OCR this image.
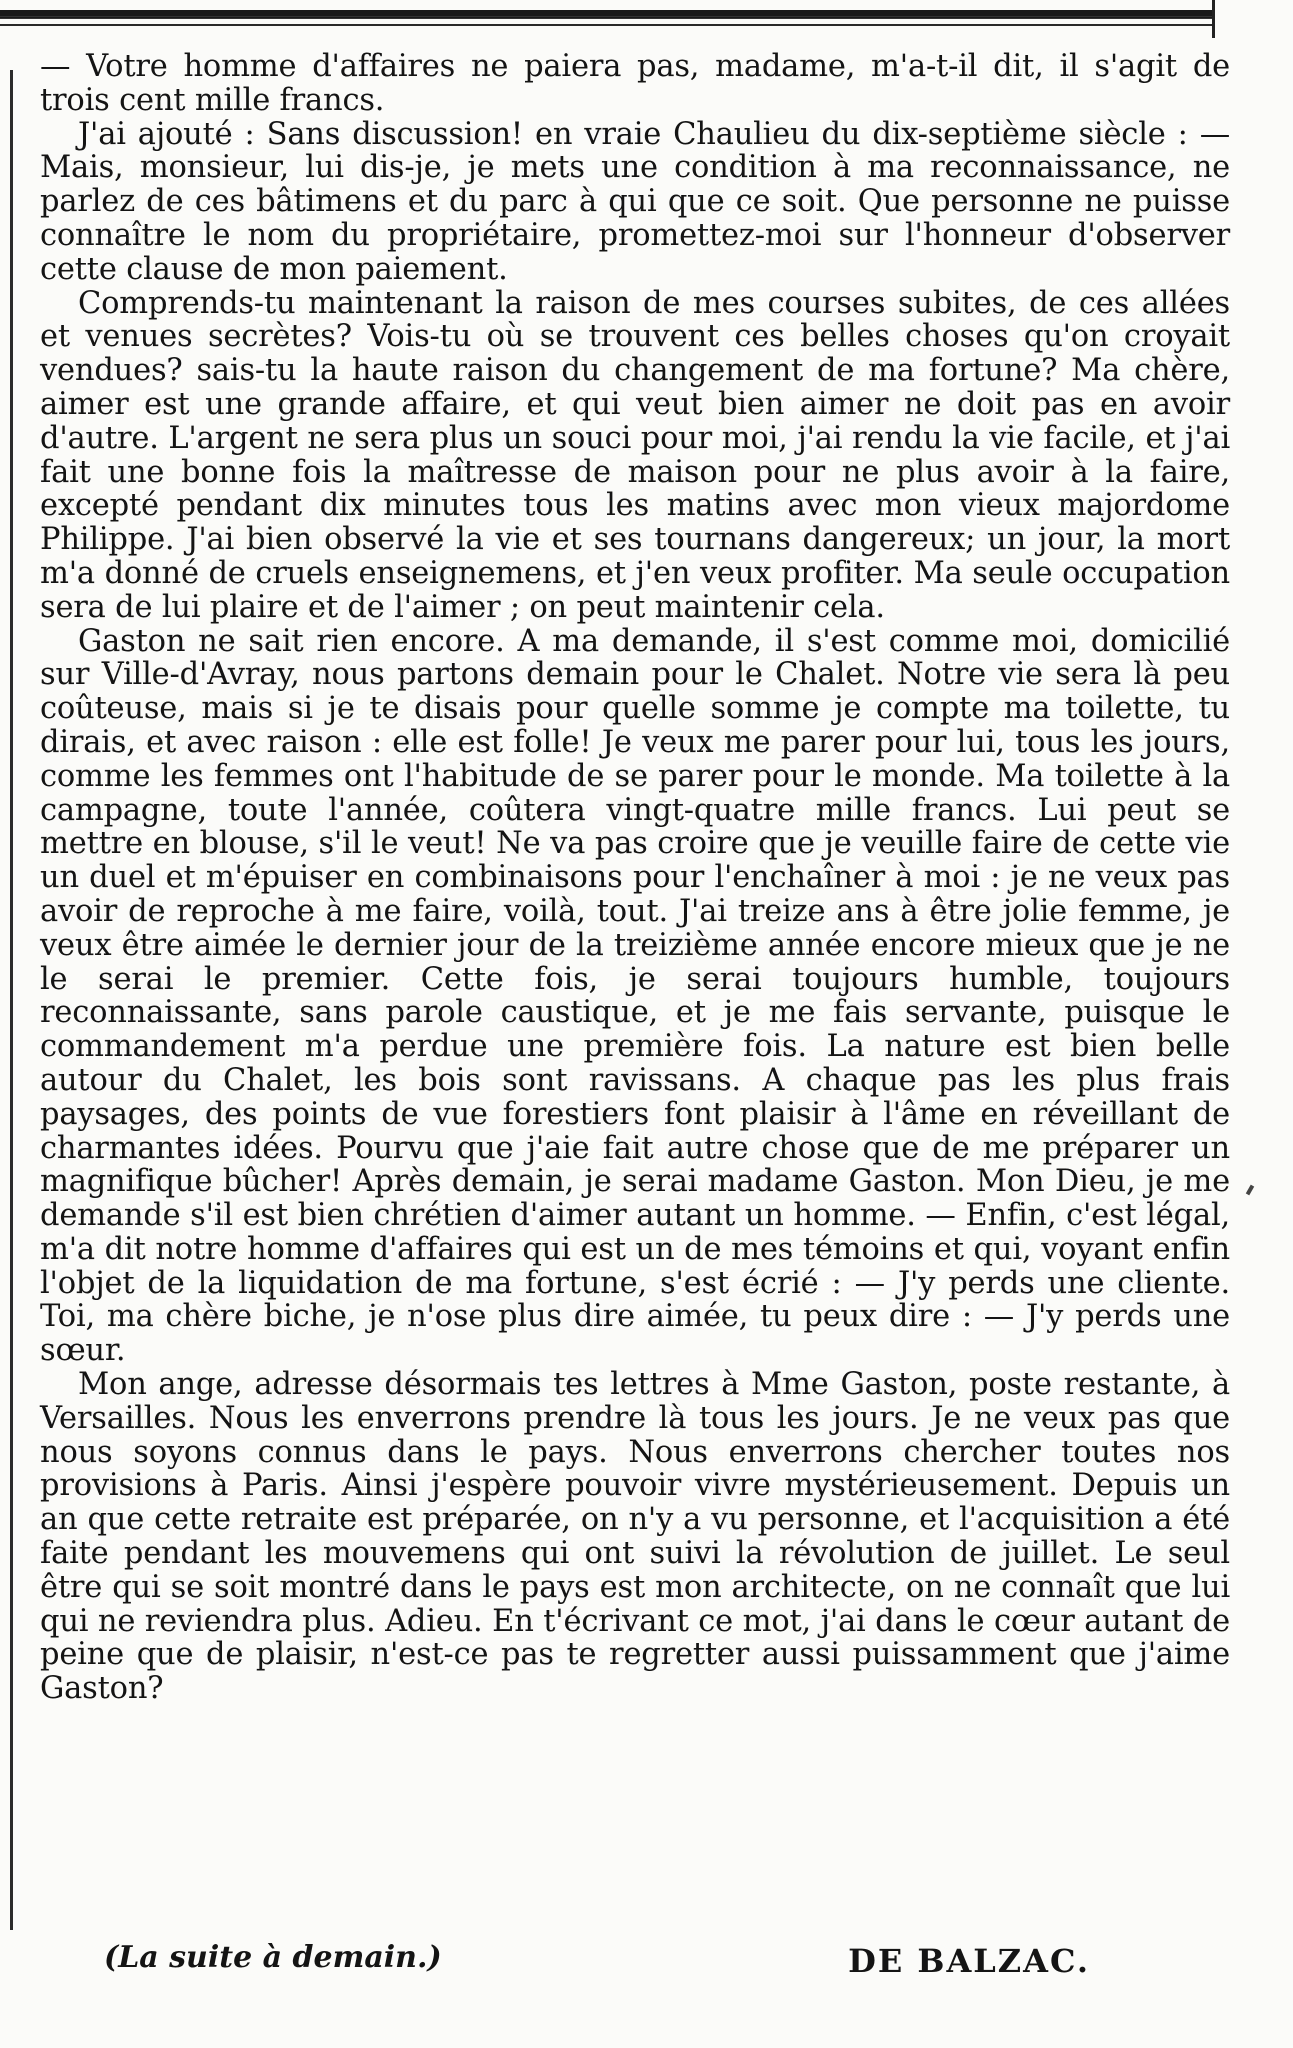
— Votre homme d'affaires ne paiera pas, madame, m'a-t-il dit, il s'agit de trois cent mille francs.

J'ai ajouté : Sans discussion! en vraie Chaulieu du dix-septième siècle : — Mais, monsieur, lui dis-je, je mets une condition à ma reconnaissance, ne parlez de ces bâtimens et du parc à qui que ce soit. Que personne ne puisse connaître le nom du propriétaire, promettez-moi sur l'honneur d'observer cette clause de mon paiement.

Comprends-tu maintenant la raison de mes courses subites, de ces allées et venues secrètes? Vois-tu où se trouvent ces belles choses qu'on croyait vendues? sais-tu la haute raison du changement de ma fortune? Ma chère, aimer est une grande affaire, et qui veut bien aimer ne doit pas en avoir d'autre. L'argent ne sera plus un souci pour moi, j'ai rendu la vie facile, et j'ai fait une bonne fois la maîtresse de maison pour ne plus avoir à la faire, excepté pendant dix minutes tous les matins avec mon vieux majordome Philippe. J'ai bien observé la vie et ses tournans dangereux; un jour, la mort m'a donné de cruels enseignemens, et j'en veux profiter. Ma seule occupation sera de lui plaire et de l'aimer ; on peut maintenir cela.

Gaston ne sait rien encore. A ma demande, il s'est comme moi, domicilié sur Ville-d'Avray, nous partons demain pour le Chalet. Notre vie sera là peu coûteuse, mais si je te disais pour quelle somme je compte ma toilette, tu dirais, et avec raison : elle est folle! Je veux me parer pour lui, tous les jours, comme les femmes ont l'habitude de se parer pour le monde. Ma toilette à la campagne, toute l'année, coûtera vingt-quatre mille francs. Lui peut se mettre en blouse, s'il le veut! Ne va pas croire que je veuille faire de cette vie un duel et m'épuiser en combinaisons pour l'enchaîner à moi : je ne veux pas avoir de reproche à me faire, voilà, tout. J'ai treize ans à être jolie femme, je veux être aimée le dernier jour de la treizième année encore mieux que je ne le serai le premier. Cette fois, je serai toujours humble, toujours reconnaissante, sans parole caustique, et je me fais servante, puisque le commandement m'a perdue une première fois. La nature est bien belle autour du Chalet, les bois sont ravissans. A chaque pas les plus frais paysages, des points de vue forestiers font plaisir à l'âme en réveillant de charmantes idées. Pourvu que j'aie fait autre chose que de me préparer un magnifique bûcher! Après demain, je serai madame Gaston. Mon Dieu, je me demande s'il est bien chrétien d'aimer autant un homme. — Enfin, c'est légal, m'a dit notre homme d'affaires qui est un de mes témoins et qui, voyant enfin l'objet de la liquidation de ma fortune, s'est écrié : — J'y perds une cliente. Toi, ma chère biche, je n'ose plus dire aimée, tu peux dire : — J'y perds une sœur.

Mon ange, adresse désormais tes lettres à Mme Gaston, poste restante, à Versailles. Nous les enverrons prendre là tous les jours. Je ne veux pas que nous soyons connus dans le pays. Nous enverrons chercher toutes nos provisions à Paris. Ainsi j'espère pouvoir vivre mystérieusement. Depuis un an que cette retraite est préparée, on n'y a vu personne, et l'acquisition a été faite pendant les mouvemens qui ont suivi la révolution de juillet. Le seul être qui se soit montré dans le pays est mon architecte, on ne connaît que lui qui ne reviendra plus. Adieu. En t'écrivant ce mot, j'ai dans le cœur autant de peine que de plaisir, n'est-ce pas te regretter aussi puissamment que j'aime Gaston?

(La suite à demain.)	DE BALZAC.
